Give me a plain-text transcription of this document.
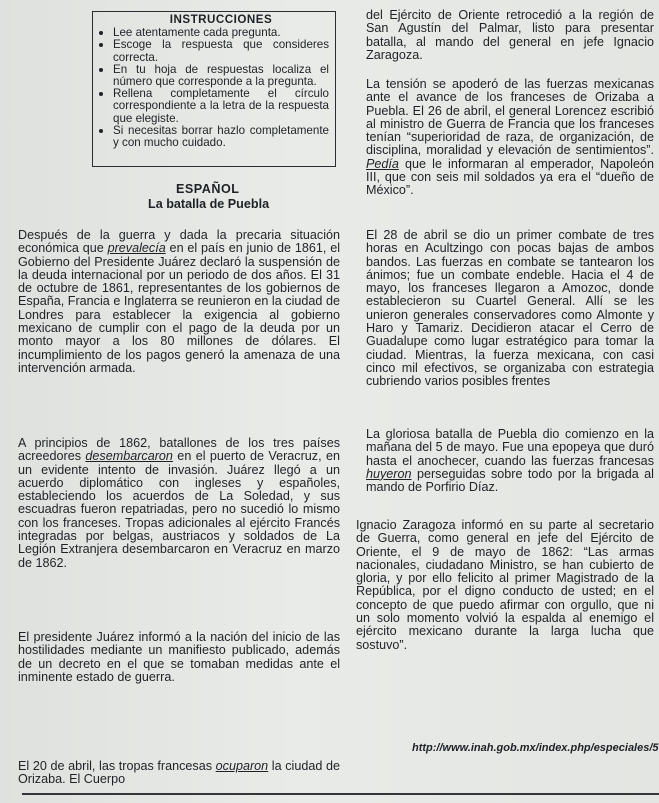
INSTRUCCIONES
Lee atentamente cada pregunta.
Escoge la respuesta que consideres correcta.
En tu hoja de respuestas localiza el número que corresponde a la pregunta.
Rellena completamente el círculo correspondiente a la letra de la respuesta que elegiste.
Si necesitas borrar hazlo completamente y con mucho cuidado.
ESPAÑOL
La batalla de Puebla

Después de la guerra y dada la precaria situación económica que prevalecía en el país en junio de 1861, el Gobierno del Presidente Juárez declaró la suspensión de la deuda internacional por un periodo de dos años. El 31 de octubre de 1861, representantes de los gobiernos de España, Francia e Inglaterra se reunieron en la ciudad de Londres para establecer la exigencia al gobierno mexicano de cumplir con el pago de la deuda por un monto mayor a los 80 millones de dólares. El incumplimiento de los pagos generó la amenaza de una intervención armada.

A principios de 1862, batallones de los tres países acreedores desembarcaron en el puerto de Veracruz, en un evidente intento de invasión. Juárez llegó a un acuerdo diplomático con ingleses y españoles, estableciendo los acuerdos de La Soledad, y sus escuadras fueron repatriadas, pero no sucedió lo mismo con los franceses. Tropas adicionales al ejército Francés integradas por belgas, austriacos y soldados de La Legión Extranjera desembarcaron en Veracruz en marzo de 1862.

El presidente Juárez informó a la nación del inicio de las hostilidades mediante un manifiesto publicado, además de un decreto en el que se tomaban medidas ante el inminente estado de guerra.

El 20 de abril, las tropas francesas ocuparon la ciudad de Orizaba. El Cuerpo

del Ejército de Oriente retrocedió a la región de San Agustín del Palmar, listo para presentar batalla, al mando del general en jefe Ignacio Zaragoza.

La tensión se apoderó de las fuerzas mexicanas ante el avance de los franceses de Orizaba a Puebla. El 26 de abril, el general Lorencez escribió al ministro de Guerra de Francia que los franceses tenían “superioridad de raza, de organización, de disciplina, moralidad y elevación de sentimientos”. Pedía que le informaran al emperador, Napoleón III, que con seis mil soldados ya era el “dueño de México”.

El 28 de abril se dio un primer combate de tres horas en Acultzingo con pocas bajas de ambos bandos. Las fuerzas en combate se tantearon los ánimos; fue un combate endeble. Hacia el 4 de mayo, los franceses llegaron a Amozoc, donde establecieron su Cuartel General. Allí se les unieron generales conservadores como Almonte y Haro y Tamariz. Decidieron atacar el Cerro de Guadalupe como lugar estratégico para tomar la ciudad. Mientras, la fuerza mexicana, con casi cinco mil efectivos, se organizaba con estrategia cubriendo varios posibles frentes

La gloriosa batalla de Puebla dio comienzo en la mañana del 5 de mayo. Fue una epopeya que duró hasta el anochecer, cuando las fuerzas francesas huyeron perseguidas sobre todo por la brigada al mando de Porfirio Díaz.

Ignacio Zaragoza informó en su parte al secretario de Guerra, como general en jefe del Ejército de Oriente, el 9 de mayo de 1862: “Las armas nacionales, ciudadano Ministro, se han cubierto de gloria, y por ello felicito al primer Magistrado de la República, por el digno conducto de usted; en el concepto de que puedo afirmar con orgullo, que ni un solo momento volvió la espalda al enemigo el ejército mexicano durante la larga lucha que sostuvo”.

http://www.inah.gob.mx/index.php/especiales/5
